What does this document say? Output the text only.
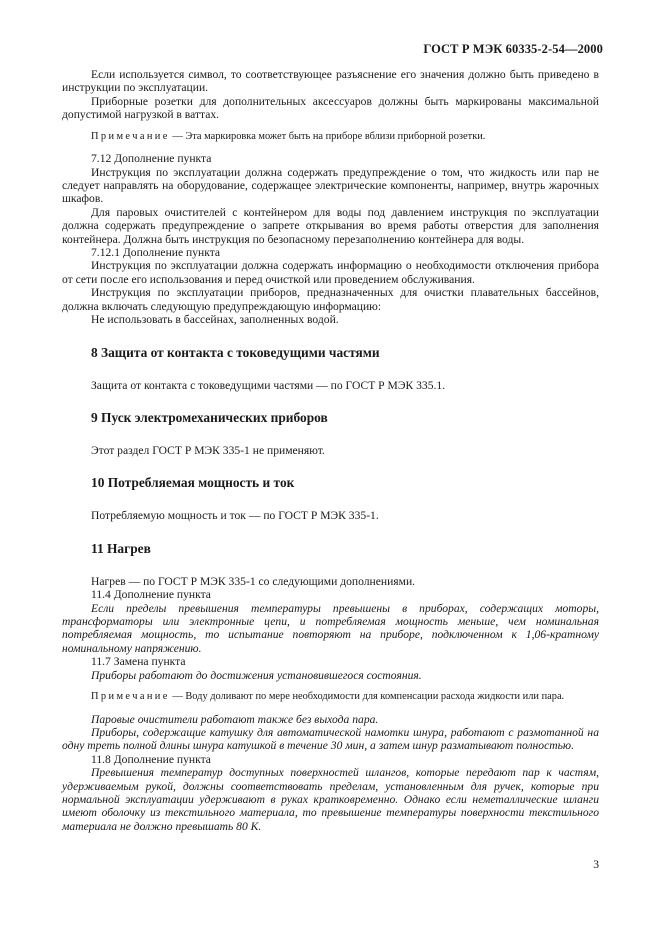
ГОСТ Р МЭК 60335-2-54—2000

Если используется символ, то соответствующее разъяснение его значения должно быть приведено в инструкции по эксплуатации.

Приборные розетки для дополнительных аксессуаров должны быть маркированы максимальной допустимой нагрузкой в ваттах.

Примечание — Эта маркировка может быть на приборе вблизи приборной розетки.

7.12 Дополнение пункта

Инструкция по эксплуатации должна содержать предупреждение о том, что жидкость или пар не следует направлять на оборудование, содержащее электрические компоненты, например, внутрь жарочных шкафов.

Для паровых очистителей с контейнером для воды под давлением инструкция по эксплуатации должна содержать предупреждение о запрете открывания во время работы отверстия для заполнения контейнера. Должна быть инструкция по безопасному перезаполнению контейнера для воды.

7.12.1 Дополнение пункта

Инструкция по эксплуатации должна содержать информацию о необходимости отключения прибора от сети после его использования и перед очисткой или проведением обслуживания.

Инструкция по эксплуатации приборов, предназначенных для очистки плавательных бассейнов, должна включать следующую предупреждающую информацию:

Не использовать в бассейнах, заполненных водой.

8 Защита от контакта с токоведущими частями

Защита от контакта с токоведущими частями — по ГОСТ Р МЭК 335.1.

9 Пуск электромеханических приборов

Этот раздел ГОСТ Р МЭК 335-1 не применяют.

10 Потребляемая мощность и ток

Потребляемую мощность и ток — по ГОСТ Р МЭК 335-1.

11 Нагрев

Нагрев — по ГОСТ Р МЭК 335-1 со следующими дополнениями.

11.4 Дополнение пункта

Если пределы превышения температуры превышены в приборах, содержащих моторы, трансформаторы или электронные цепи, и потребляемая мощность меньше, чем номинальная потребляемая мощность, то испытание повторяют на приборе, подключенном к 1,06-кратному номинальному напряжению.

11.7 Замена пункта

Приборы работают до достижения установившегося состояния.

Примечание — Воду доливают по мере необходимости для компенсации расхода жидкости или пара.

Паровые очистители работают также без выхода пара.

Приборы, содержащие катушку для автоматической намотки шнура, работают с размотанной на одну треть полной длины шнура катушкой в течение 30 мин, а затем шнур разматывают полностью.

11.8 Дополнение пункта

Превышения температур доступных поверхностей шлангов, которые передают пар к частям, удерживаемым рукой, должны соответствовать пределам, установленным для ручек, которые при нормальной эксплуатации удерживают в руках кратковременно. Однако если неметаллические шланги имеют оболочку из текстильного материала, то превышение температуры поверхности текстильного материала не должно превышать 80 К.

3
